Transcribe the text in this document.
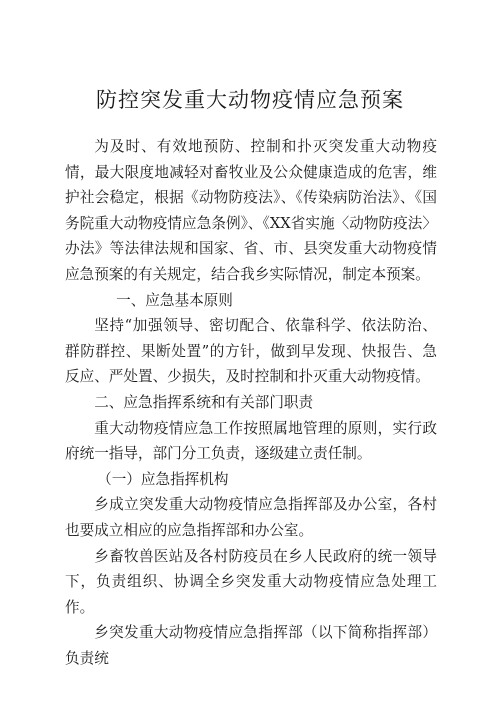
防控突发重大动物疫情应急预案

为及时、有效地预防、控制和扑灭突发重大动物疫情，最大限度地减轻对畜牧业及公众健康造成的危害，维护社会稳定，根据《动物防疫法》、《传染病防治法》、《国务院重大动物疫情应急条例》、《XX省实施〈动物防疫法〉办法》等法律法规和国家、省、市、县突发重大动物疫情应急预案的有关规定，结合我乡实际情况，制定本预案。

一、应急基本原则

坚持“加强领导、密切配合、依靠科学、依法防治、群防群控、果断处置”的方针，做到早发现、快报告、急反应、严处置、少损失，及时控制和扑灭重大动物疫情。

二、应急指挥系统和有关部门职责

重大动物疫情应急工作按照属地管理的原则，实行政府统一指导，部门分工负责，逐级建立责任制。

（一）应急指挥机构

乡成立突发重大动物疫情应急指挥部及办公室，各村也要成立相应的应急指挥部和办公室。

乡畜牧兽医站及各村防疫员在乡人民政府的统一领导下，负责组织、协调全乡突发重大动物疫情应急处理工作。

乡突发重大动物疫情应急指挥部（以下简称指挥部）负责统
